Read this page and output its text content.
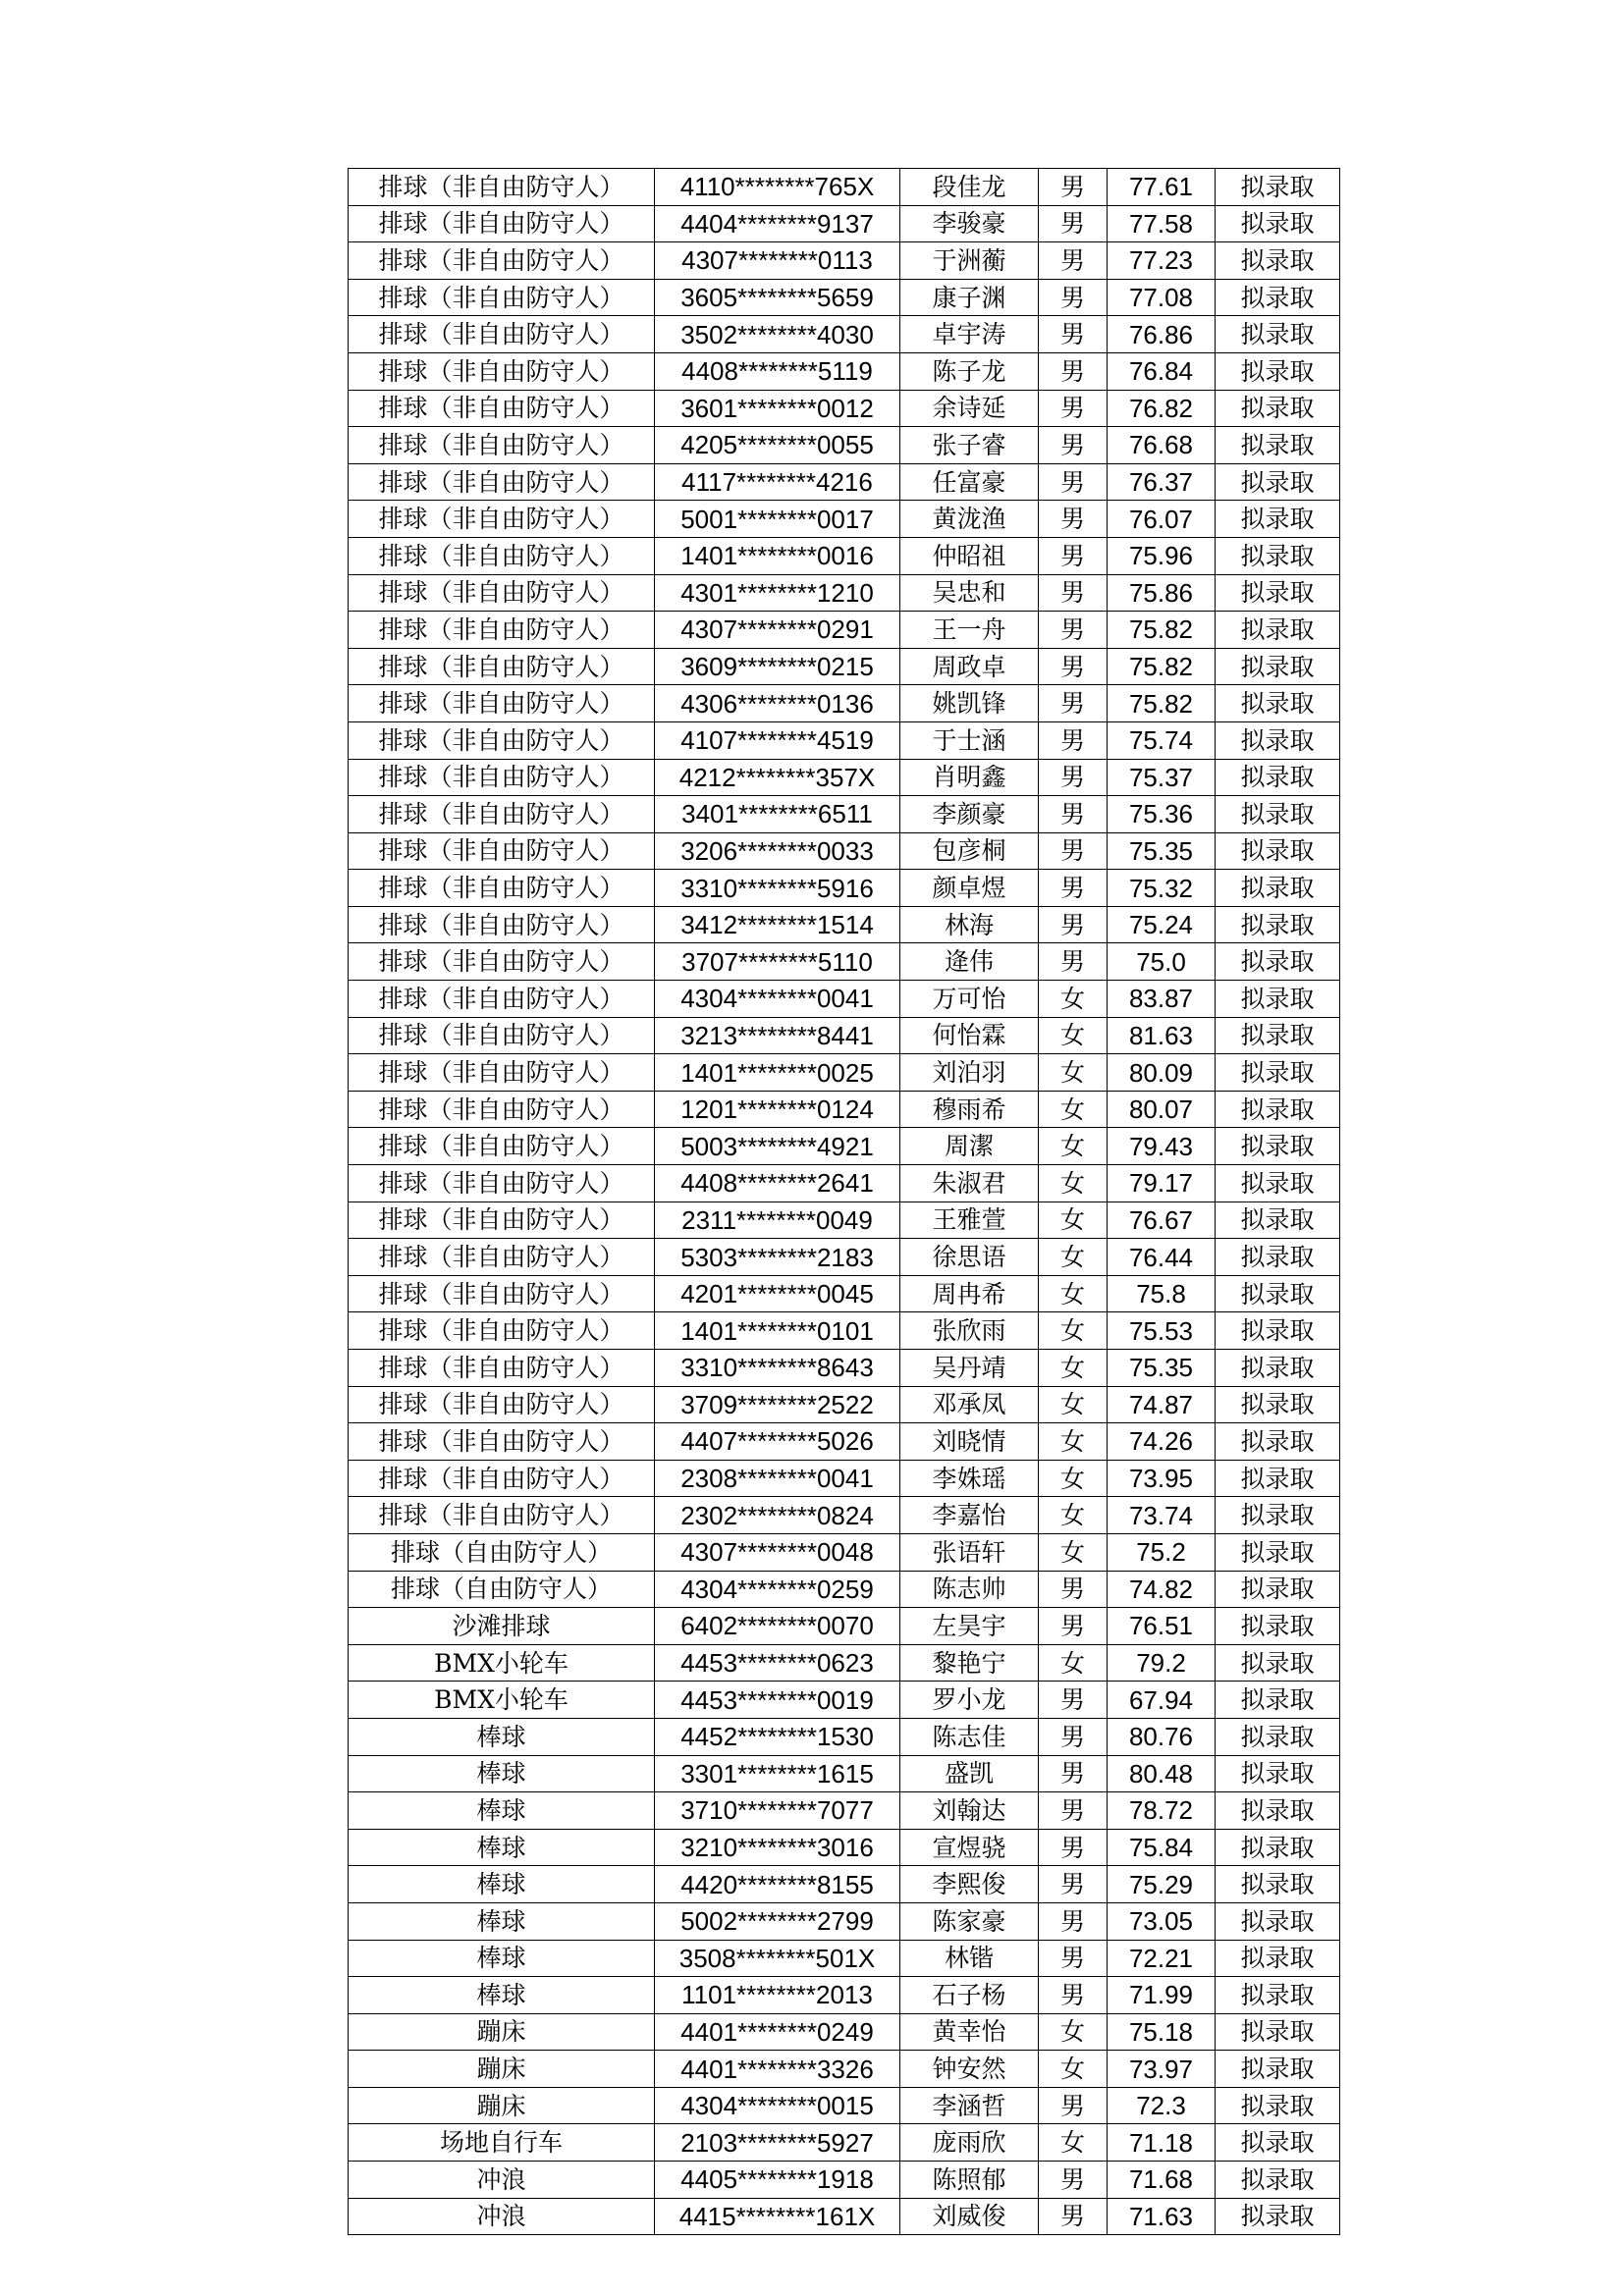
排球（非自由防守人）	4110********765X	段佳龙	男	77.61	拟录取
排球（非自由防守人）	4404********9137	李骏豪	男	77.58	拟录取
排球（非自由防守人）	4307********0113	于洲蘅	男	77.23	拟录取
排球（非自由防守人）	3605********5659	康子渊	男	77.08	拟录取
排球（非自由防守人）	3502********4030	卓宇涛	男	76.86	拟录取
排球（非自由防守人）	4408********5119	陈子龙	男	76.84	拟录取
排球（非自由防守人）	3601********0012	余诗延	男	76.82	拟录取
排球（非自由防守人）	4205********0055	张子睿	男	76.68	拟录取
排球（非自由防守人）	4117********4216	任富豪	男	76.37	拟录取
排球（非自由防守人）	5001********0017	黄泷渔	男	76.07	拟录取
排球（非自由防守人）	1401********0016	仲昭祖	男	75.96	拟录取
排球（非自由防守人）	4301********1210	吴忠和	男	75.86	拟录取
排球（非自由防守人）	4307********0291	王一舟	男	75.82	拟录取
排球（非自由防守人）	3609********0215	周政卓	男	75.82	拟录取
排球（非自由防守人）	4306********0136	姚凯锋	男	75.82	拟录取
排球（非自由防守人）	4107********4519	于士涵	男	75.74	拟录取
排球（非自由防守人）	4212********357X	肖明鑫	男	75.37	拟录取
排球（非自由防守人）	3401********6511	李颜豪	男	75.36	拟录取
排球（非自由防守人）	3206********0033	包彦桐	男	75.35	拟录取
排球（非自由防守人）	3310********5916	颜卓煜	男	75.32	拟录取
排球（非自由防守人）	3412********1514	林海	男	75.24	拟录取
排球（非自由防守人）	3707********5110	逄伟	男	75.0	拟录取
排球（非自由防守人）	4304********0041	万可怡	女	83.87	拟录取
排球（非自由防守人）	3213********8441	何怡霖	女	81.63	拟录取
排球（非自由防守人）	1401********0025	刘泊羽	女	80.09	拟录取
排球（非自由防守人）	1201********0124	穆雨希	女	80.07	拟录取
排球（非自由防守人）	5003********4921	周潔	女	79.43	拟录取
排球（非自由防守人）	4408********2641	朱淑君	女	79.17	拟录取
排球（非自由防守人）	2311********0049	王雅萱	女	76.67	拟录取
排球（非自由防守人）	5303********2183	徐思语	女	76.44	拟录取
排球（非自由防守人）	4201********0045	周冉希	女	75.8	拟录取
排球（非自由防守人）	1401********0101	张欣雨	女	75.53	拟录取
排球（非自由防守人）	3310********8643	吴丹靖	女	75.35	拟录取
排球（非自由防守人）	3709********2522	邓承凤	女	74.87	拟录取
排球（非自由防守人）	4407********5026	刘晓情	女	74.26	拟录取
排球（非自由防守人）	2308********0041	李姝瑶	女	73.95	拟录取
排球（非自由防守人）	2302********0824	李嘉怡	女	73.74	拟录取
排球（自由防守人）	4307********0048	张语轩	女	75.2	拟录取
排球（自由防守人）	4304********0259	陈志帅	男	74.82	拟录取
沙滩排球	6402********0070	左昊宇	男	76.51	拟录取
BMX小轮车	4453********0623	黎艳宁	女	79.2	拟录取
BMX小轮车	4453********0019	罗小龙	男	67.94	拟录取
棒球	4452********1530	陈志佳	男	80.76	拟录取
棒球	3301********1615	盛凯	男	80.48	拟录取
棒球	3710********7077	刘翰达	男	78.72	拟录取
棒球	3210********3016	宣煜骁	男	75.84	拟录取
棒球	4420********8155	李熙俊	男	75.29	拟录取
棒球	5002********2799	陈家豪	男	73.05	拟录取
棒球	3508********501X	林锴	男	72.21	拟录取
棒球	1101********2013	石子杨	男	71.99	拟录取
蹦床	4401********0249	黄幸怡	女	75.18	拟录取
蹦床	4401********3326	钟安然	女	73.97	拟录取
蹦床	4304********0015	李涵哲	男	72.3	拟录取
场地自行车	2103********5927	庞雨欣	女	71.18	拟录取
冲浪	4405********1918	陈照郁	男	71.68	拟录取
冲浪	4415********161X	刘威俊	男	71.63	拟录取
